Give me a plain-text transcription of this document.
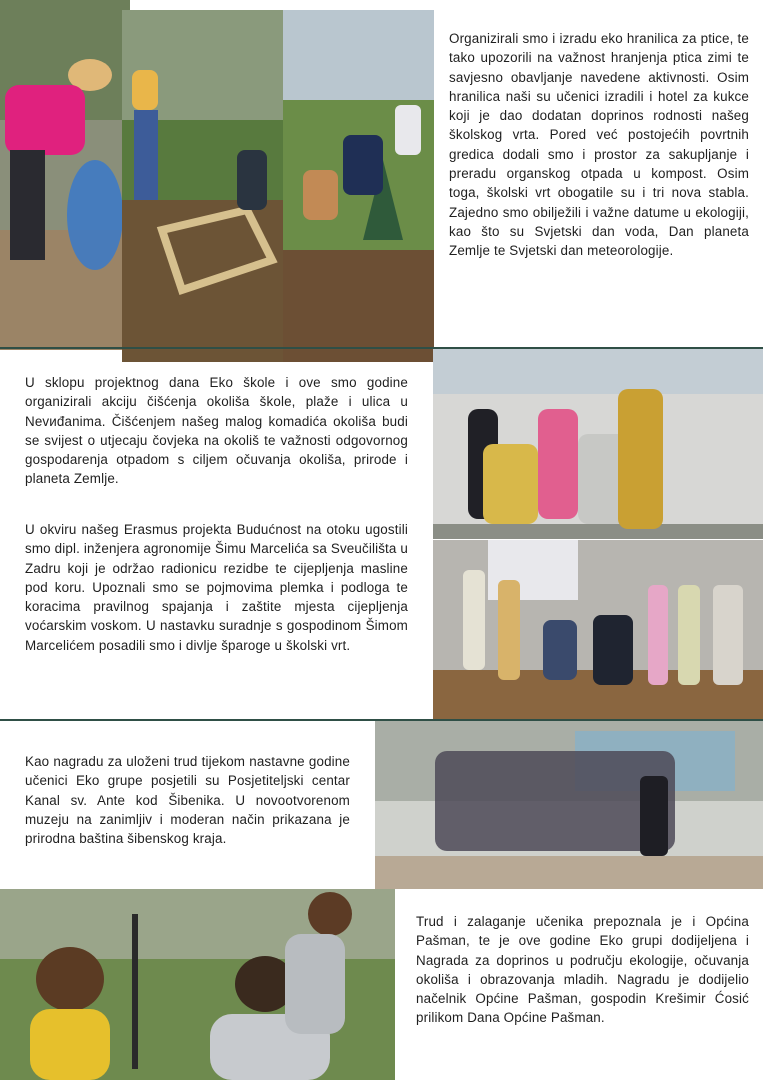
Organizirali smo i izradu eko hranilica za ptice, te tako upozorili na važnost hranjenja ptica zimi te savjesno obavljanje navedene aktivnosti. Osim hranilica naši su učenici izradili i hotel za kukce koji je dao dodatan doprinos rodnosti našeg školskog vrta. Pored već postojećih povrtnih gredica dodali smo i prostor za sakupljanje i preradu organskog otpada u kompost. Osim toga, školski vrt obogatile su i tri nova stabla. Zajedno smo obilježili i važne datume u ekologiji, kao što su Svjetski dan voda, Dan planeta Zemlje te Svjetski dan meteorologije.

U sklopu projektnog dana Eko škole i ove smo godine organizirali akciju čišćenja okoliša škole, plaže i ulica u Nevиđanima. Čišćenjem našeg malog komadića okoliša budi se svijest o utjecaju čovjeka na okoliš te važnosti odgovornog gospodarenja otpadom s ciljem očuvanja okoliša, prirode i planeta Zemlje.

U okviru našeg Erasmus projekta Budućnost na otoku ugostili smo dipl. inženjera agronomije Šimu Marcelića sa Sveučilišta u Zadru koji je održao radionicu rezidbe te cijepljenja masline pod koru. Upoznali smo se pojmovima plemka i podloga te koracima pravilnog spajanja i zaštite mjesta cijepljenja voćarskim voskom. U nastavku suradnje s gospodinom Šimom Marcelićem posadili smo i divlje šparoge u školski vrt.

Kao nagradu za uloženi trud tijekom nastavne godine učenici Eko grupe posjetili su Posjetiteljski centar Kanal sv. Ante kod Šibenika. U novootvorenom muzeju na zanimljiv i moderan način prikazana je prirodna baština šibenskog kraja.

Trud i zalaganje učenika prepoznala je i Općina Pašman, te je ove godine Eko grupi dodijeljena i Nagrada za doprinos u području ekologije, očuvanja okoliša i obrazovanja mladih. Nagradu je dodijelio načelnik Općine Pašman, gospodin Krešimir Ćosić prilikom Dana Općine Pašman.
